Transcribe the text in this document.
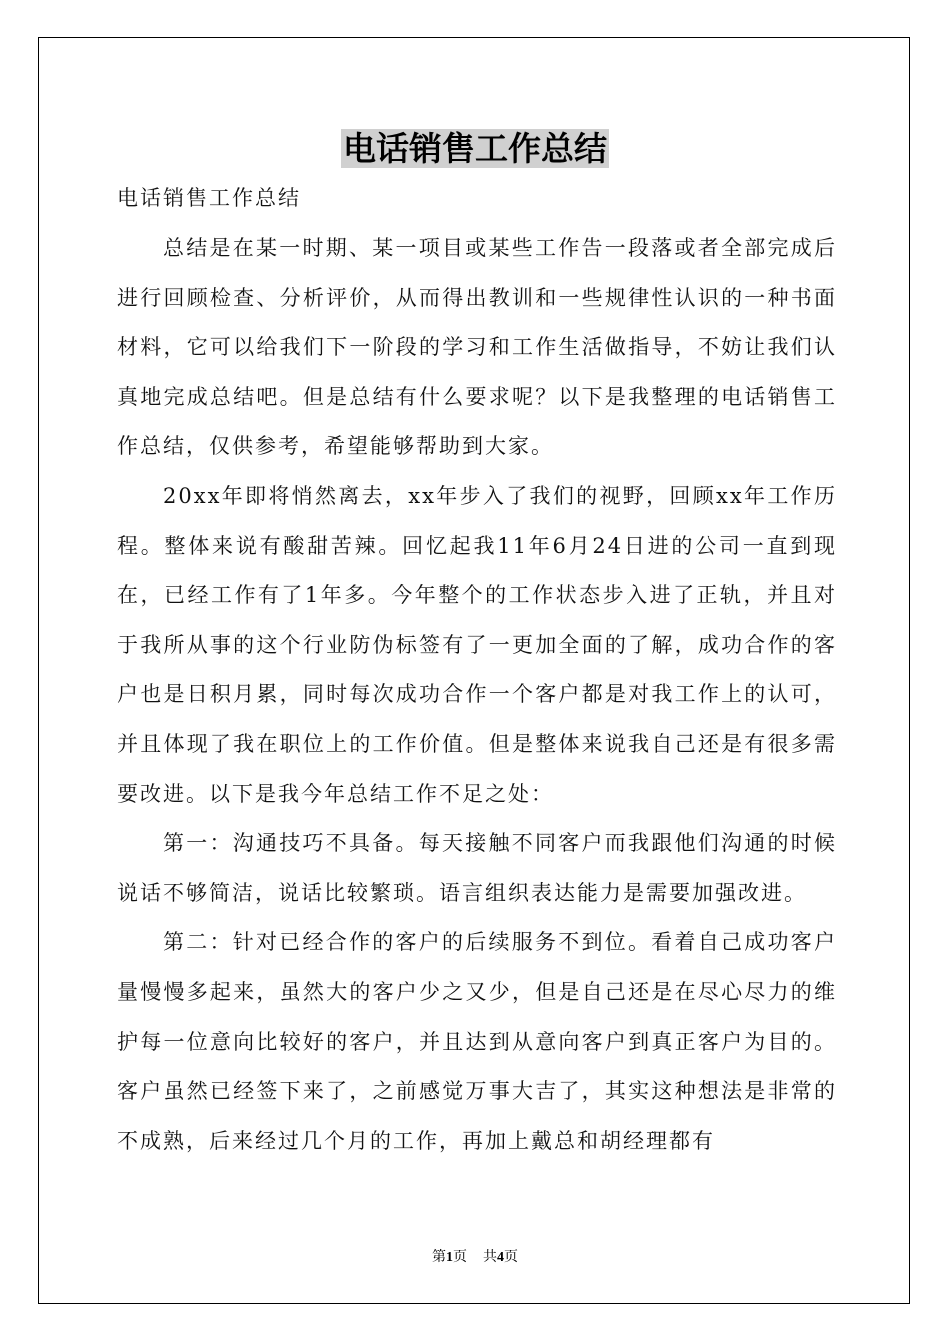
电话销售工作总结
电话销售工作总结

总结是在某一时期、某一项目或某些工作告一段落或者全部完成后进行回顾检查、分析评价，从而得出教训和一些规律性认识的一种书面材料，它可以给我们下一阶段的学习和工作生活做指导，不妨让我们认真地完成总结吧。但是总结有什么要求呢？以下是我整理的电话销售工作总结，仅供参考，希望能够帮助到大家。

20xx年即将悄然离去，xx年步入了我们的视野，回顾xx年工作历程。整体来说有酸甜苦辣。回忆起我11年6月24日进的公司一直到现在，已经工作有了1年多。今年整个的工作状态步入进了正轨，并且对于我所从事的这个行业防伪标签有了一更加全面的了解，成功合作的客户也是日积月累，同时每次成功合作一个客户都是对我工作上的认可，并且体现了我在职位上的工作价值。但是整体来说我自己还是有很多需要改进。以下是我今年总结工作不足之处：

第一：沟通技巧不具备。每天接触不同客户而我跟他们沟通的时候说话不够简洁，说话比较繁琐。语言组织表达能力是需要加强改进。

第二：针对已经合作的客户的后续服务不到位。看着自己成功客户量慢慢多起来，虽然大的客户少之又少，但是自己还是在尽心尽力的维护每一位意向比较好的客户，并且达到从意向客户到真正客户为目的。客户虽然已经签下来了，之前感觉万事大吉了，其实这种想法是非常的不成熟，后来经过几个月的工作，再加上戴总和胡经理都有

第1页 共4页
